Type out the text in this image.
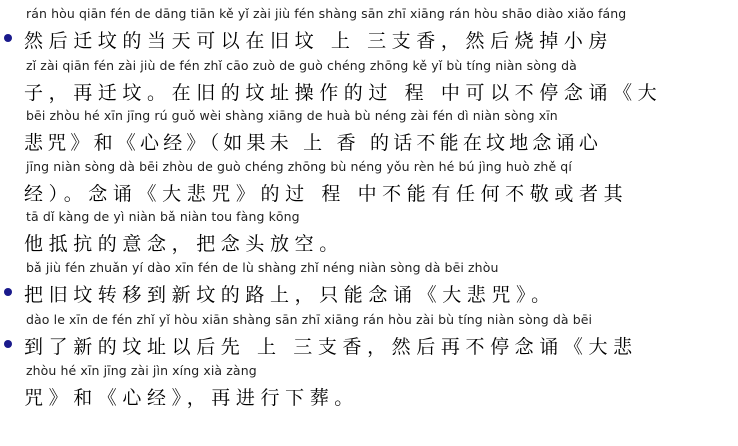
rán hòu qiān fén de dāng tiān kě yǐ zài jiù fén shàng sān zhī xiāng rán hòu shāo diào xiǎo fáng
然后迁坟的当天可以在旧坟 上 三支香，然后烧掉小房
zǐ zài qiān fén zài jiù de fén zhǐ cāo zuò de guò chéng zhōng kě yǐ bù tíng niàn sòng dà
子，再迁坟。在旧的坟址操作的过 程 中可以不停念诵《大
bēi zhòu hé xīn jīng rú guǒ wèi shàng xiāng de huà bù néng zài fén dì niàn sòng xīn
悲咒》和《心经》（如果未 上 香 的话不能在坟地念诵心
jīng niàn sòng dà bēi zhòu de guò chéng zhōng bù néng yǒu rèn hé bú jìng huò zhě qí
经）。念诵《大悲咒》的过 程 中不能有任何不敬或者其
tā dǐ kàng de yì niàn bǎ niàn tou fàng kōng
他抵抗的意念，把念头放空。
bǎ jiù fén zhuǎn yí dào xīn fén de lù shàng zhǐ néng niàn sòng dà bēi zhòu
把旧坟转移到新坟的路上，只能念诵《大悲咒》。
dào le xīn de fén zhǐ yǐ hòu xiān shàng sān zhī xiāng rán hòu zài bù tíng niàn sòng dà bēi
到了新的坟址以后先 上 三支香，然后再不停念诵《大悲
zhòu hé xīn jīng zài jìn xíng xià zàng
咒》和《心经》，再进行下葬。
